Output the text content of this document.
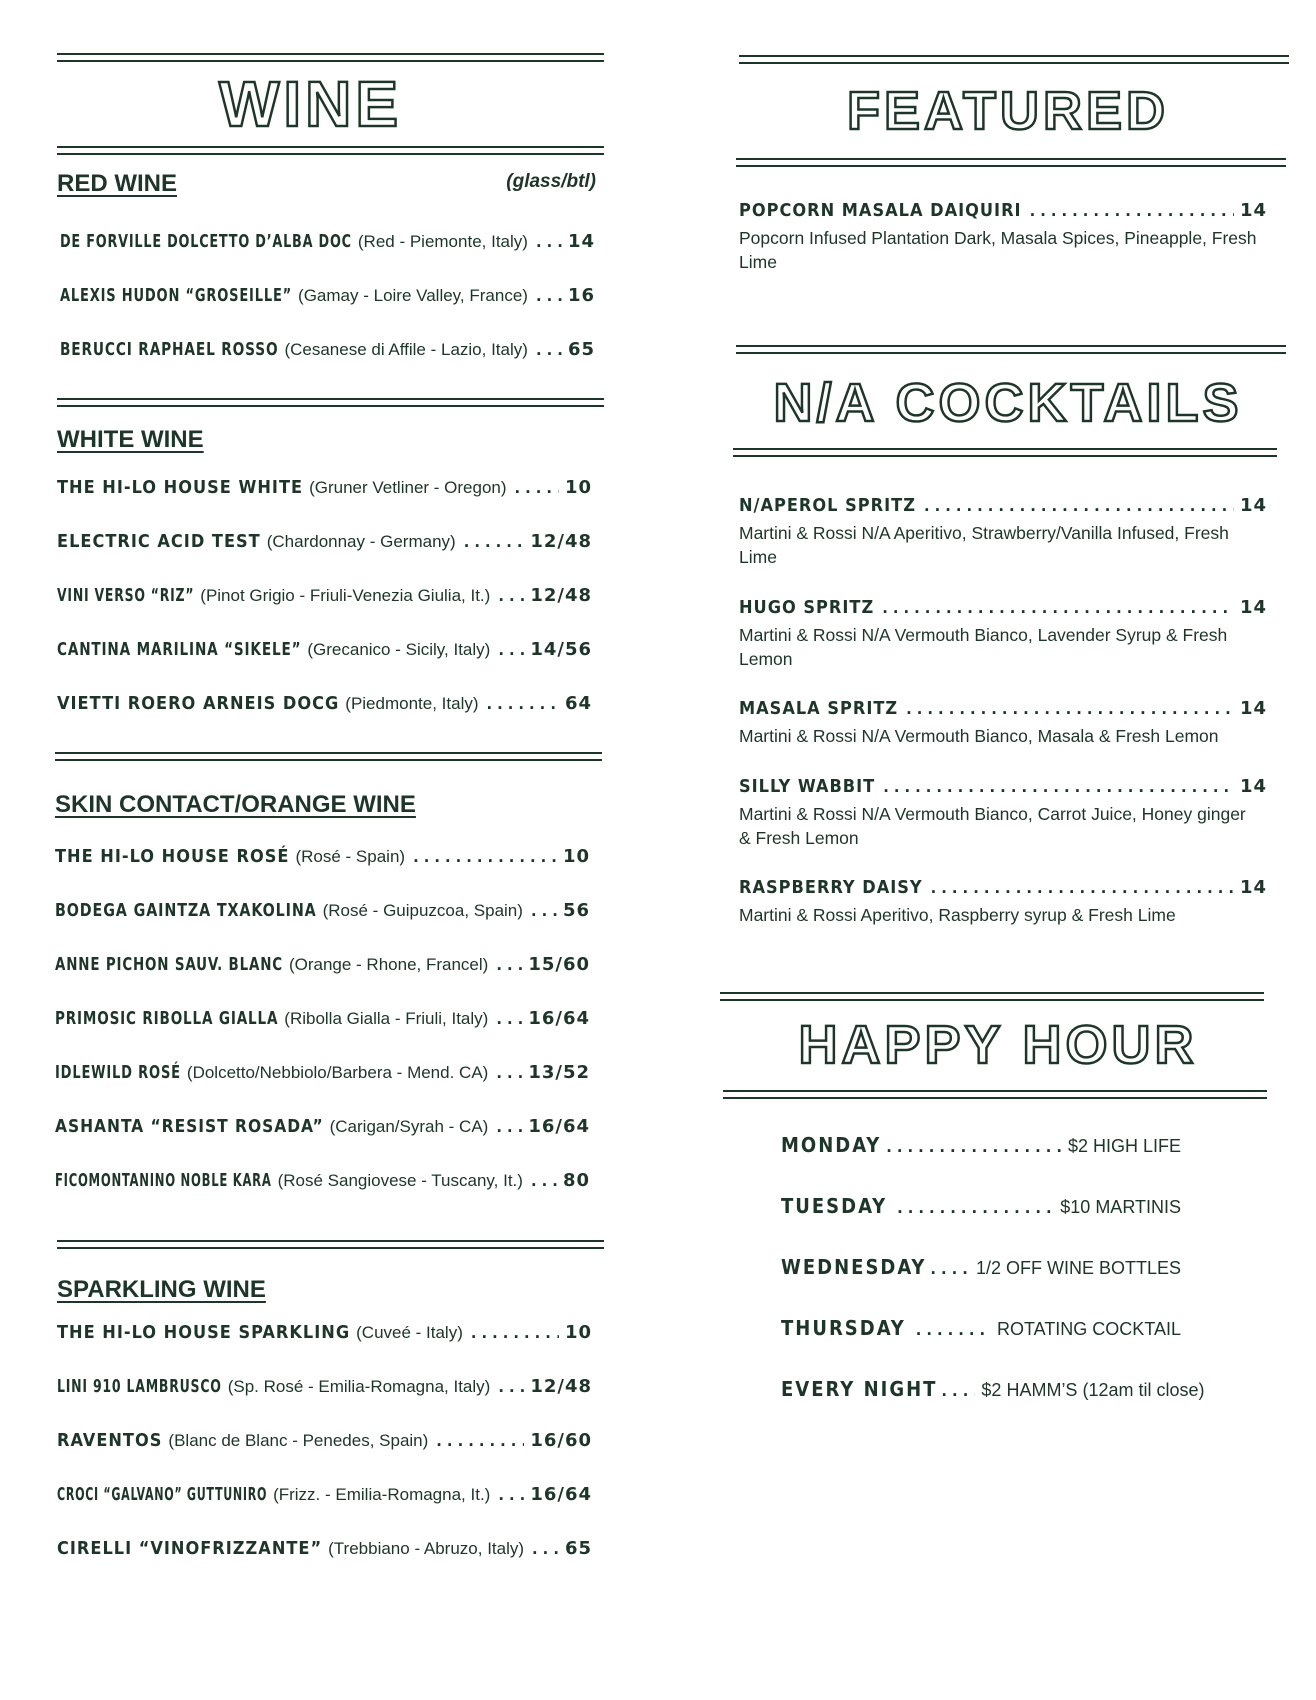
WINE
RED WINE	(glass/btl)
DE FORVILLE DOLCETTO D’ALBA DOC (Red - Piemonte, Italy) ..... 14
ALEXIS HUDON “GROSEILLE” (Gamay - Loire Valley, France) ..... 16
BERUCCI RAPHAEL ROSSO (Cesanese di Affile - Lazio, Italy) ..... 65
WHITE WINE
THE HI-LO HOUSE WHITE (Gruner Vetliner - Oregon) .....	10
ELECTRIC ACID TEST (Chardonnay - Germany) .....	12/48
VINI VERSO “RIZ” (Pinot Grigio - Friuli-Venezia Giulia, It.) ..... 12/48
CANTINA MARILINA “SIKELE” (Grecanico - Sicily, Italy) ..... 14/56
VIETTI ROERO ARNEIS DOCG (Piedmonte, Italy) .....	64
SKIN CONTACT/ORANGE WINE
THE HI-LO HOUSE ROSÉ (Rosé - Spain) .....	10
BODEGA GAINTZA TXAKOLINA (Rosé - Guipuzcoa, Spain) ..... 56
ANNE PICHON SAUV. BLANC (Orange - Rhone, Francel) ..... 15/60
PRIMOSIC RIBOLLA GIALLA (Ribolla Gialla - Friuli, Italy) ..... 16/64
IDLEWILD ROSÉ (Dolcetto/Nebbiolo/Barbera - Mend. CA) ..... 13/52
ASHANTA “RESIST ROSADA” (Carigan/Syrah - CA) ..... 16/64
FICOMONTANINO NOBLE KARA (Rosé Sangiovese - Tuscany, It.) ..... 80
SPARKLING WINE
THE HI-LO HOUSE SPARKLING (Cuveé - Italy) .....	10
LINI 910 LAMBRUSCO (Sp. Rosé - Emilia-Romagna, Italy) ..... 12/48
RAVENTOS (Blanc de Blanc - Penedes, Spain) .....	16/60
CROCI “GALVANO” GUTTUNIRO (Frizz. - Emilia-Romagna, It.) ..... 16/64
CIRELLI “VINOFRIZZANTE” (Trebbiano - Abruzo, Italy) ..... 65
FEATURED
POPCORN MASALA DAIQUIRI .....	14
Popcorn Infused Plantation Dark, Masala Spices, Pineapple, Fresh Lime
N/A COCKTAILS
N/APEROL SPRITZ .....	14
Martini & Rossi N/A Aperitivo, Strawberry/Vanilla Infused, Fresh Lime
HUGO SPRITZ .....	14
Martini & Rossi N/A Vermouth Bianco, Lavender Syrup & Fresh Lemon
MASALA SPRITZ .....	14
Martini & Rossi N/A Vermouth Bianco, Masala & Fresh Lemon
SILLY WABBIT .....	14
Martini & Rossi N/A Vermouth Bianco, Carrot Juice, Honey ginger & Fresh Lemon
RASPBERRY DAISY .....	14
Martini & Rossi Aperitivo, Raspberry syrup & Fresh Lime
HAPPY HOUR
MONDAY .....	$2 HIGH LIFE
TUESDAY .....	$10 MARTINIS
WEDNESDAY .....	1/2 OFF WINE BOTTLES
THURSDAY .....	ROTATING COCKTAIL
EVERY NIGHT ..... $2 HAMM’S (12am til close)
